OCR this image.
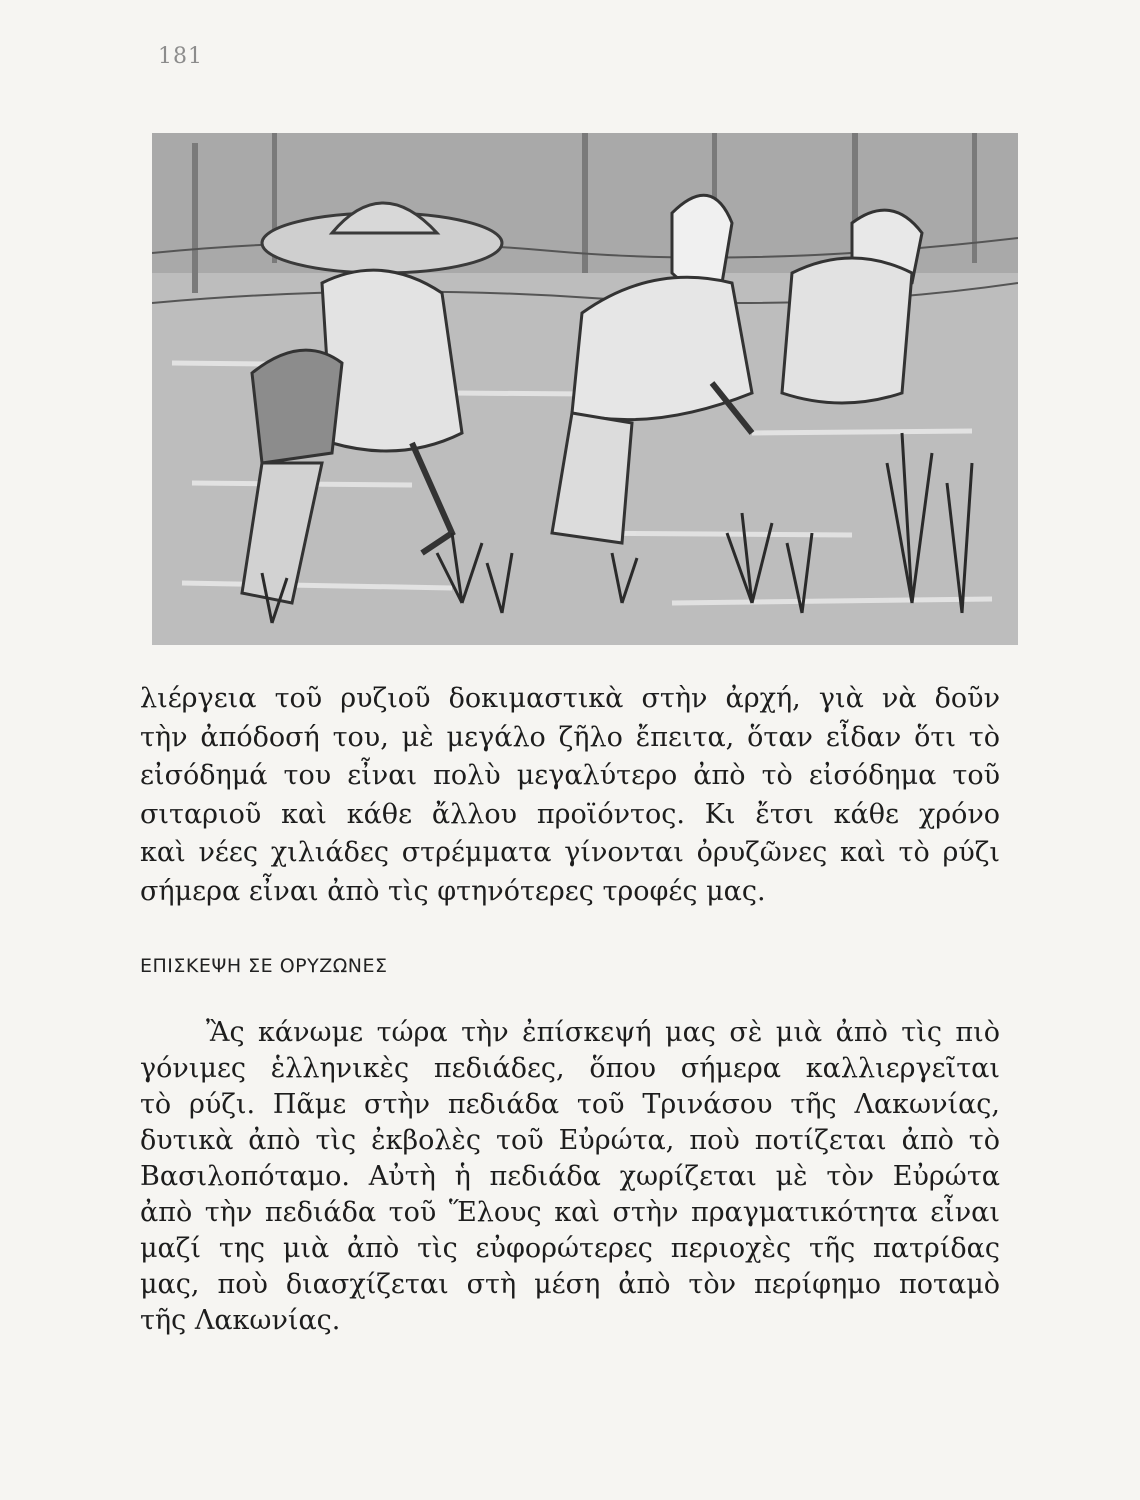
181

λιέργεια τοῦ ρυζιοῦ δοκιμαστικὰ στὴν ἀρχή, γιὰ νὰ δοῦν

τὴν ἀπόδοσή του, μὲ μεγάλο ζῆλο ἔπειτα, ὅταν εἶδαν ὅτι τὸ

εἰσόδημά του εἶναι πολὺ μεγαλύτερο ἀπὸ τὸ εἰσόδημα τοῦ

σιταριοῦ καὶ κάθε ἄλλου προϊόντος. Κι ἔτσι κάθε χρόνο

καὶ νέες χιλιάδες στρέμματα γίνονται ὀρυζῶνες καὶ τὸ ρύζι

σήμερα εἶναι ἀπὸ τὶς φτηνότερες τροφές μας.

ΕΠΙΣΚΕΨΗ ΣΕ ΟΡΥΖΩΝΕΣ

Ἂς κάνωμε τώρα τὴν ἐπίσκεψή μας σὲ μιὰ ἀπὸ τὶς πιὸ

γόνιμες ἑλληνικὲς πεδιάδες, ὅπου σήμερα καλλιεργεῖται

τὸ ρύζι. Πᾶμε στὴν πεδιάδα τοῦ Τρινάσου τῆς Λακωνίας,

δυτικὰ ἀπὸ τὶς ἐκβολὲς τοῦ Εὐρώτα, ποὺ ποτίζεται ἀπὸ τὸ

Βασιλοπόταμο. Αὐτὴ ἡ πεδιάδα χωρίζεται μὲ τὸν Εὐρώτα

ἀπὸ τὴν πεδιάδα τοῦ Ἕλους καὶ στὴν πραγματικότητα εἶναι

μαζί της μιὰ ἀπὸ τὶς εὐφορώτερες περιοχὲς τῆς πατρίδας

μας, ποὺ διασχίζεται στὴ μέση ἀπὸ τὸν περίφημο ποταμὸ

τῆς Λακωνίας.
